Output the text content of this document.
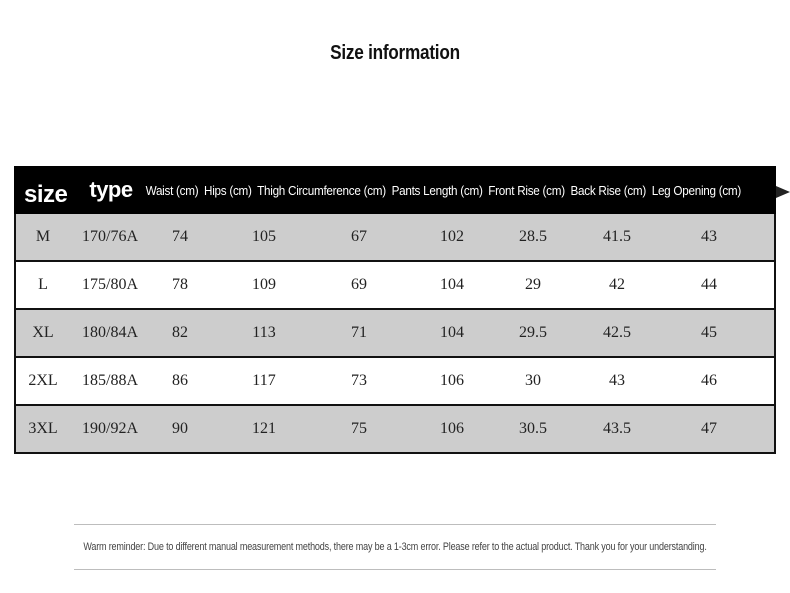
Size information
size	type Waist (cm) Hips (cm) Thigh Circumference (cm) Pants Length (cm) Front Rise (cm) Back Rise (cm) Leg Opening (cm)
M	170/76A	74	105	67	102	28.5	41.5	43
L	175/80A	78	109	69	104	29	42	44
XL	180/84A	82	113	71	104	29.5	42.5	45
2XL	185/88A	86	117	73	106	30	43	46
3XL	190/92A	90	121	75	106	30.5	43.5	47
Warm reminder: Due to different manual measurement methods, there may be a 1-3cm error. Please refer to the actual product. Thank you for your understanding.
